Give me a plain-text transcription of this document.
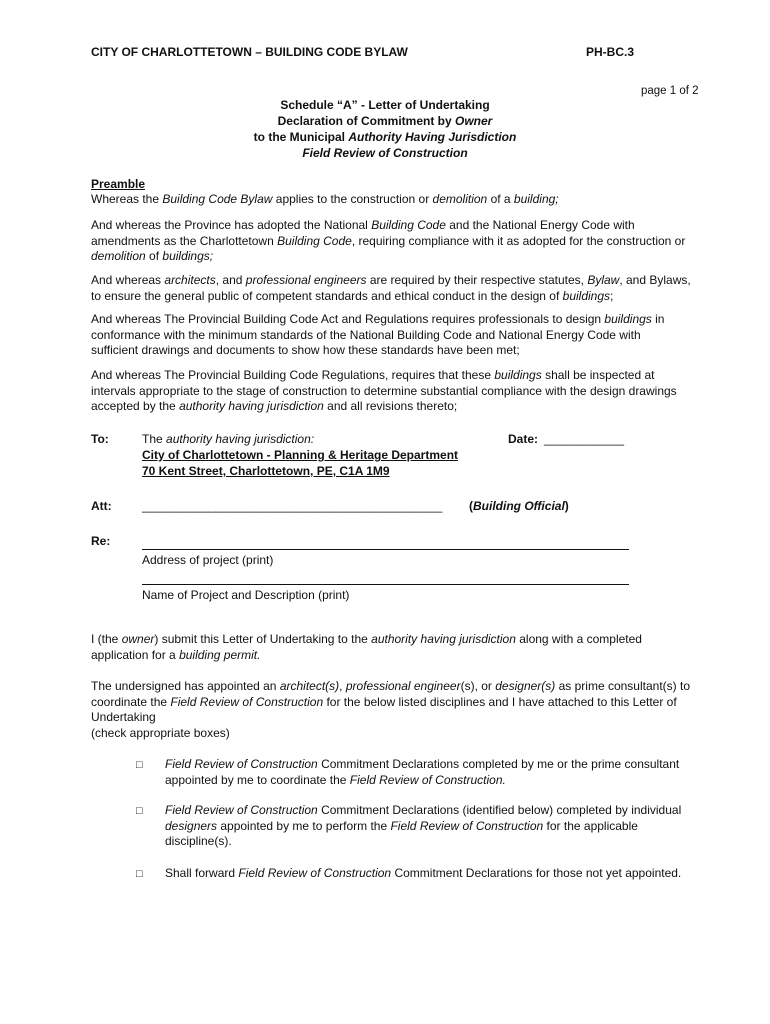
CITY OF CHARLOTTETOWN – BUILDING CODE BYLAW	PH-BC.3
page 1 of 2
Schedule “A” - Letter of Undertaking
Declaration of Commitment by Owner
to the Municipal Authority Having Jurisdiction
Field Review of Construction
Preamble
Whereas the Building Code Bylaw applies to the construction or demolition of a building;
And whereas the Province has adopted the National Building Code and the National Energy Code with amendments as the Charlottetown Building Code, requiring compliance with it as adopted for the construction or demolition of buildings;
And whereas architects, and professional engineers are required by their respective statutes, Bylaw, and Bylaws, to ensure the general public of competent standards and ethical conduct in the design of buildings;
And whereas The Provincial Building Code Act and Regulations requires professionals to design buildings in conformance with the minimum standards of the National Building Code and National Energy Code with sufficient drawings and documents to show how these standards have been met;
And whereas The Provincial Building Code Regulations, requires that these buildings shall be inspected at intervals appropriate to the stage of construction to determine substantial compliance with the design drawings accepted by the authority having jurisdiction and all revisions thereto;
To:	The authority having jurisdiction:
City of Charlottetown - Planning & Heritage Department
70 Kent Street, Charlottetown, PE, C1A 1M9
Date: ____________
Att:	_____________________________________________ (Building Official)
Re:
Address of project (print)
Name of Project and Description (print)
I (the owner) submit this Letter of Undertaking to the authority having jurisdiction along with a completed application for a building permit.
The undersigned has appointed an architect(s), professional engineer(s), or designer(s) as prime consultant(s) to coordinate the Field Review of Construction for the below listed disciplines and I have attached to this Letter of Undertaking
(check appropriate boxes)
□ Field Review of Construction Commitment Declarations completed by me or the prime consultant appointed by me to coordinate the Field Review of Construction.
□ Field Review of Construction Commitment Declarations (identified below) completed by individual designers appointed by me to perform the Field Review of Construction for the applicable discipline(s).
□ Shall forward Field Review of Construction Commitment Declarations for those not yet appointed.
